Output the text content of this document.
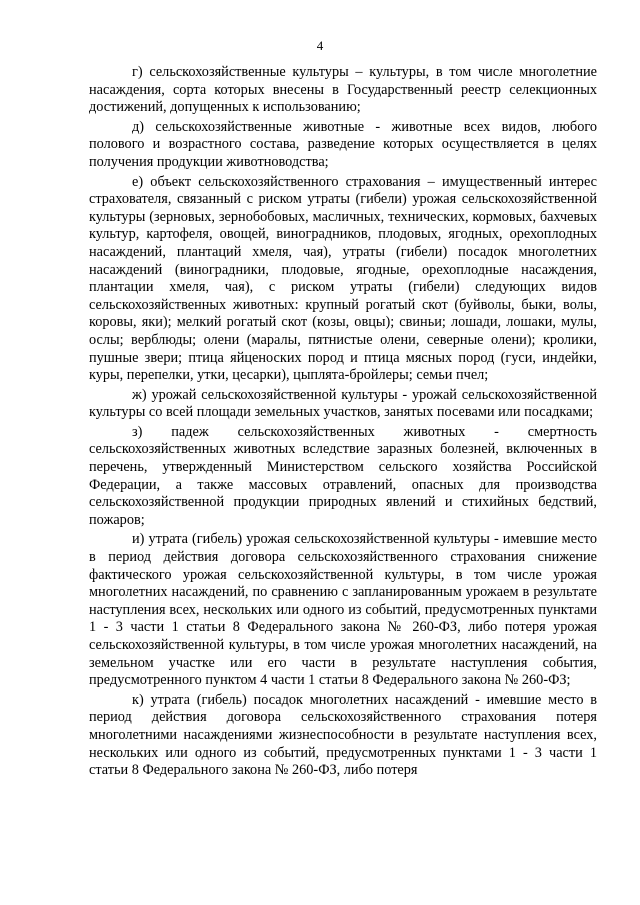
4

г) сельскохозяйственные культуры – культуры, в том числе многолетние насаждения, сорта которых внесены в Государственный реестр селекционных достижений, допущенных к использованию;

д) сельскохозяйственные животные - животные всех видов, любого полового и возрастного состава, разведение которых осуществляется в целях получения продукции животноводства;

е) объект сельскохозяйственного страхования – имущественный интерес страхователя, связанный с риском утраты (гибели) урожая сельскохозяйственной культуры (зерновых, зернобобовых, масличных, технических, кормовых, бахчевых культур, картофеля, овощей, виноградников, плодовых, ягодных, орехоплодных насаждений, плантаций хмеля, чая), утраты (гибели) посадок многолетних насаждений (виноградники, плодовые, ягодные, орехоплодные насаждения, плантации хмеля, чая), с риском утраты (гибели) следующих видов сельскохозяйственных животных: крупный рогатый скот (буйволы, быки, волы, коровы, яки); мелкий рогатый скот (козы, овцы); свиньи; лошади, лошаки, мулы, ослы; верблюды; олени (маралы, пятнистые олени, северные олени); кролики, пушные звери; птица яйценоских пород и птица мясных пород (гуси, индейки, куры, перепелки, утки, цесарки), цыплята-бройлеры; семьи пчел;

ж) урожай сельскохозяйственной культуры - урожай сельскохозяйственной культуры со всей площади земельных участков, занятых посевами или посадками;

з) падеж сельскохозяйственных животных - смертность сельскохозяйственных животных вследствие заразных болезней, включенных в перечень, утвержденный Министерством сельского хозяйства Российской Федерации, а также массовых отравлений, опасных для производства сельскохозяйственной продукции природных явлений и стихийных бедствий, пожаров;

и) утрата (гибель) урожая сельскохозяйственной культуры - имевшие место в период действия договора сельскохозяйственного страхования снижение фактического урожая сельскохозяйственной культуры, в том числе урожая многолетних насаждений, по сравнению с запланированным урожаем в результате наступления всех, нескольких или одного из событий, предусмотренных пунктами 1 - 3 части 1 статьи 8 Федерального закона № 260-ФЗ, либо потеря урожая сельскохозяйственной культуры, в том числе урожая многолетних насаждений, на земельном участке или его части в результате наступления события, предусмотренного пунктом 4 части 1 статьи 8 Федерального закона № 260-ФЗ;

к) утрата (гибель) посадок многолетних насаждений - имевшие место в период действия договора сельскохозяйственного страхования потеря многолетними насаждениями жизнеспособности в результате наступления всех, нескольких или одного из событий, предусмотренных пунктами 1 - 3 части 1 статьи 8 Федерального закона № 260-ФЗ, либо потеря
